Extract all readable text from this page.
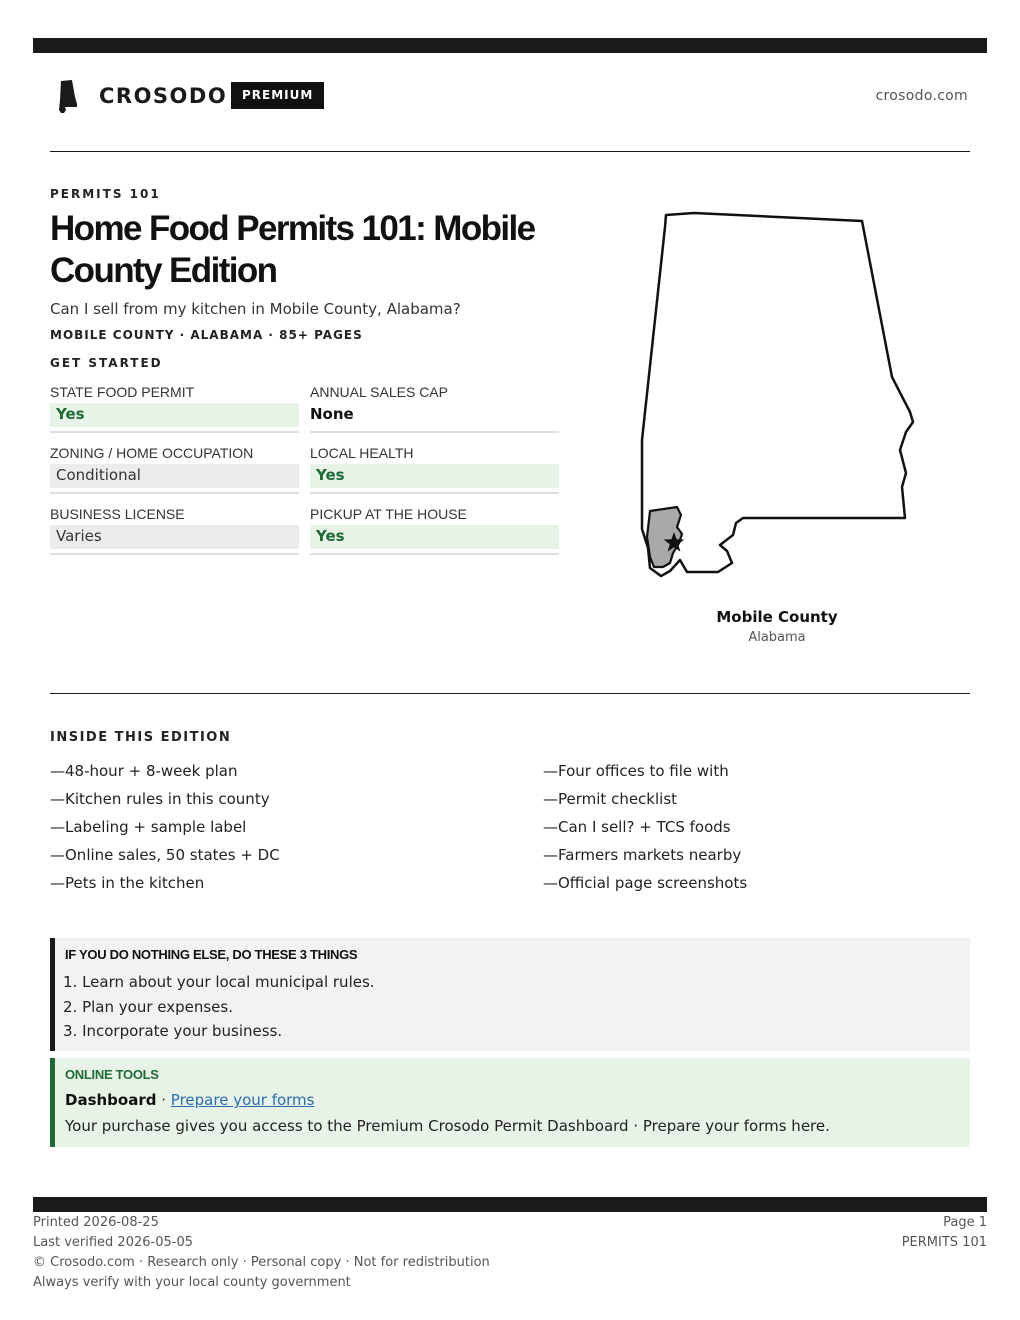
CROSODO	PREMIUM	crosodo.com
PERMITS 101
Home Food Permits 101: Mobile County Edition
Can I sell from my kitchen in Mobile County, Alabama?
MOBILE COUNTY · ALABAMA · 85+ PAGES
GET STARTED
STATE FOOD PERMIT
Yes
ANNUAL SALES CAP
None
ZONING / HOME OCCUPATION
Conditional
LOCAL HEALTH
Yes
BUSINESS LICENSE
Varies
PICKUP AT THE HOUSE
Yes
Mobile County
Alabama
INSIDE THIS EDITION
—48-hour + 8-week plan
—Kitchen rules in this county
—Labeling + sample label
—Online sales, 50 states + DC
—Pets in the kitchen
—Four offices to file with
—Permit checklist
—Can I sell? + TCS foods
—Farmers markets nearby
—Official page screenshots
IF YOU DO NOTHING ELSE, DO THESE 3 THINGS
1. Learn about your local municipal rules.
2. Plan your expenses.
3. Incorporate your business.
ONLINE TOOLS
Dashboard · Prepare your forms
Your purchase gives you access to the Premium Crosodo Permit Dashboard · Prepare your forms here.
Printed 2026-08-25
Last verified 2026-05-05
© Crosodo.com · Research only · Personal copy · Not for redistribution
Always verify with your local county government
Page 1
PERMITS 101
